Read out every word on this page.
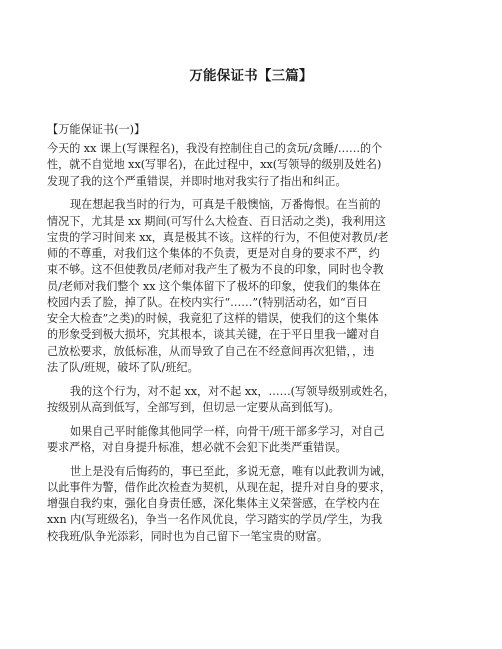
万能保证书【三篇】
【万能保证书(一)】
今天的 xx 课上(写课程名)，我没有控制住自己的贪玩/贪睡/……的个
性，就不自觉地 xx(写罪名)，在此过程中，xx(写领导的级别及姓名)
发现了我的这个严重错误，并即时地对我实行了指出和纠正。
现在想起我当时的行为，可真是千般懊恼，万番悔恨。在当前的
情况下，尤其是 xx 期间(可写什么大检查、百日活动之类)，我利用这
宝贵的学习时间来 xx，真是极其不该。这样的行为，不但使对教员/老
师的不尊重，对我们这个集体的不负责，更是对自身的要求不严，约
束不够。这不但使教员/老师对我产生了极为不良的印象，同时也令教
员/老师对我们整个 xx 这个集体留下了极坏的印象，使我们的集体在
校园内丢了脸，掉了队。在校内实行“……”(特别活动名，如“百日
安全大检查”之类)的时候，我竟犯了这样的错误，使我们的这个集体
的形象受到极大损坏，究其根本，谈其关键，在于平日里我一罐对自
己放松要求，放低标准，从而导致了自己在不经意间再次犯错，，违
法了队/班规，破坏了队/班纪。
我的这个行为，对不起 xx，对不起 xx，……(写领导级别或姓名，
按级别从高到低写，全部写到，但切忌一定要从高到低写)。
如果自己平时能像其他同学一样，向骨干/班干部多学习，对自己
要求严格，对自身提升标准，想必就不会犯下此类严重错误。
世上是没有后悔药的，事已至此，多说无意，唯有以此教训为诫，
以此事件为警，借作此次检查为契机，从现在起，提升对自身的要求，
增强自我约束，强化自身责任感，深化集体主义荣誉感，在学校内在
xxn 内(写班级名)，争当一名作风优良，学习踏实的学员/学生，为我
校我班/队争光添彩，同时也为自己留下一笔宝贵的财富。
